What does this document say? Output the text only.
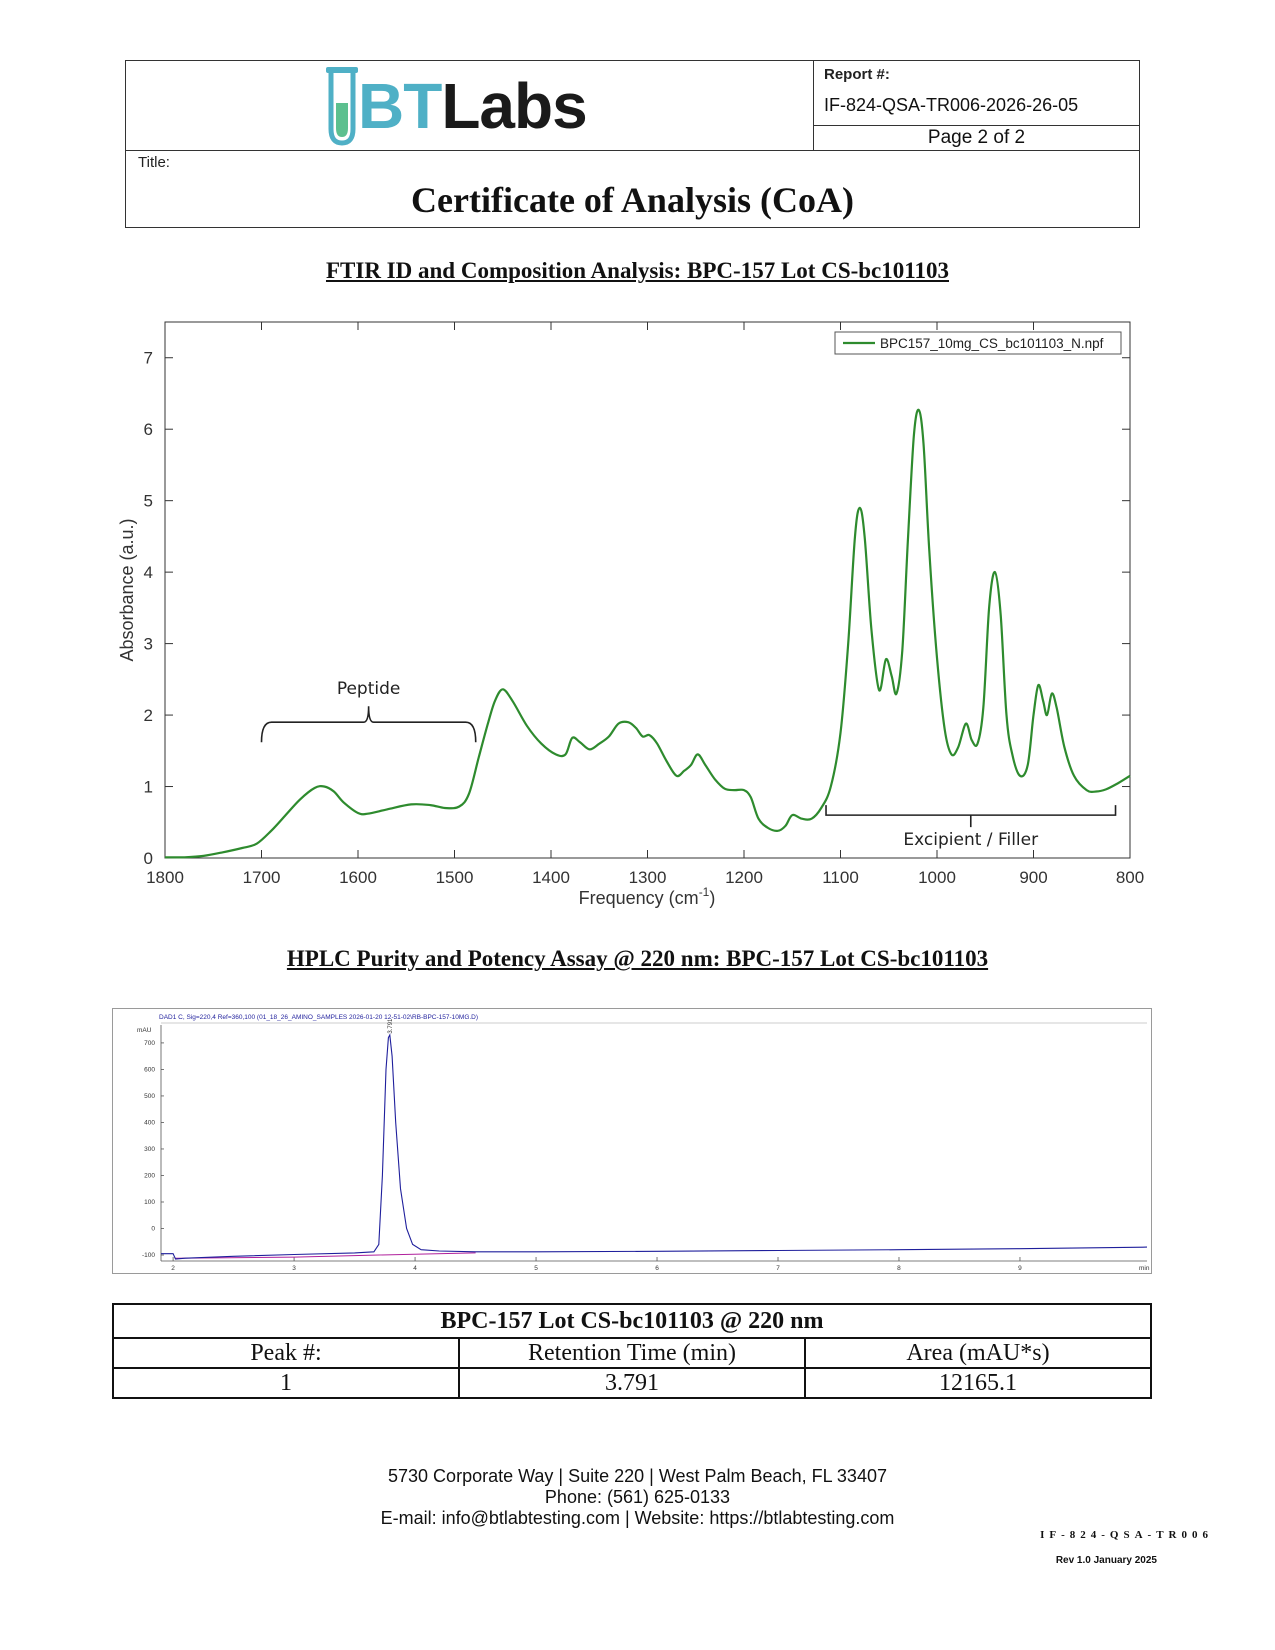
BTLabs	Report #:
IF-824-QSA-TR006-2026-26-05
Page 2 of 2
Title:
Certificate of Analysis (CoA)
FTIR ID and Composition Analysis: BPC-157 Lot CS-bc101103
1800	1700	1600	1500	1400	1300	1200	1100	1000	900	800
0
1
2
3
4
5
6
7
Peptide
Excipient / Filler
BPC157_10mg_CS_bc101103_N.npf
Absorbance (a.u.)
Frequency $(cm^{-1})$
HPLC Purity and Potency Assay @ 220 nm: BPC-157 Lot CS-bc101103
DAD1 C, Sig=220,4 Ref=360,100 (01_18_26_AMINO_SAMPLES 2026-01-20 12-51-02\RB-BPC-157-10MG.D)
mAU
2	3	4	5	6	7	8	9
-100
0
100
200
300
400
500
600
700
3.791
min
BPC-157 Lot CS-bc101103 @ 220 nm		
Peak #:	Retention Time (min)	Area (mAU*s)
1	3.791	12165.1
5730 Corporate Way | Suite 220 | West Palm Beach, FL 33407
Phone: (561) 625-0133
E-mail: info@btlabtesting.com | Website: https://btlabtesting.com
IF-824-QSA-TR006
Rev 1.0 January 2025
